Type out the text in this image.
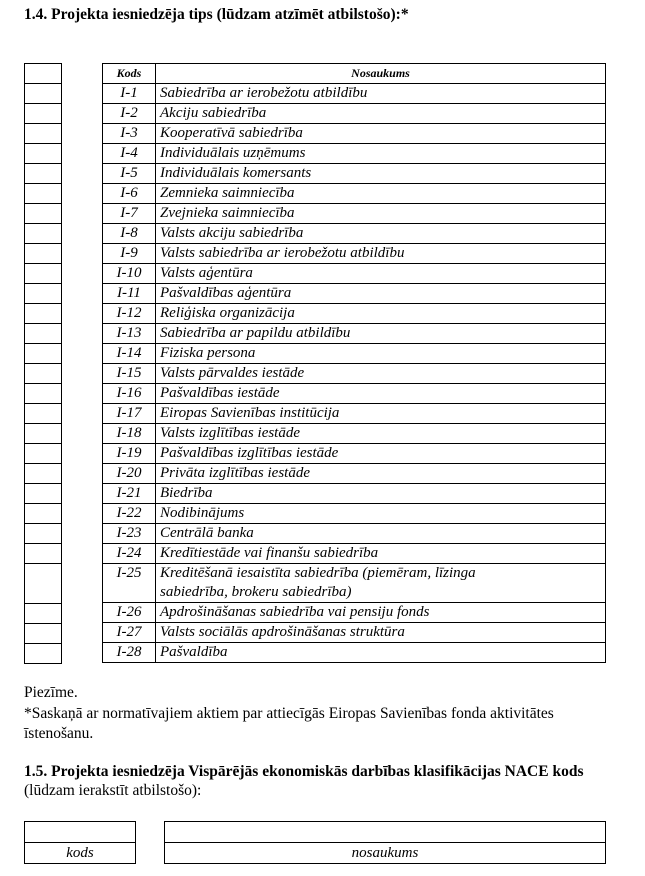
1.4. Projekta iesniedzēja tips (lūdzam atzīmēt atbilstošo):*

Kods	Nosaukums
I-1	Sabiedrība ar ierobežotu atbildību
I-2	Akciju sabiedrība
I-3	Kooperatīvā sabiedrība
I-4	Individuālais uzņēmums
I-5	Individuālais komersants
I-6	Zemnieka saimniecība
I-7	Zvejnieka saimniecība
I-8	Valsts akciju sabiedrība
I-9	Valsts sabiedrība ar ierobežotu atbildību
I-10	Valsts aģentūra
I-11	Pašvaldības aģentūra
I-12	Reliģiska organizācija
I-13	Sabiedrība ar papildu atbildību
I-14	Fiziska persona
I-15	Valsts pārvaldes iestāde
I-16	Pašvaldības iestāde
I-17	Eiropas Savienības institūcija
I-18	Valsts izglītības iestāde
I-19	Pašvaldības izglītības iestāde
I-20	Privāta izglītības iestāde
I-21	Biedrība
I-22	Nodibinājums
I-23	Centrālā banka
I-24	Kredītiestāde vai finanšu sabiedrība
I-25	Kreditēšanā iesaistīta sabiedrība (piemēram, līzinga sabiedrība, brokeru sabiedrība)
I-26	Apdrošināšanas sabiedrība vai pensiju fonds
I-27	Valsts sociālās apdrošināšanas struktūra
I-28	Pašvaldība
Piezīme.
*Saskaņā ar normatīvajiem aktiem par attiecīgās Eiropas Savienības fonda aktivitātes
īstenošanu.
1.5. Projekta iesniedzēja Vispārējās ekonomiskās darbības klasifikācijas NACE kods
(lūdzam ierakstīt atbilstošo):

kods	nosaukums
